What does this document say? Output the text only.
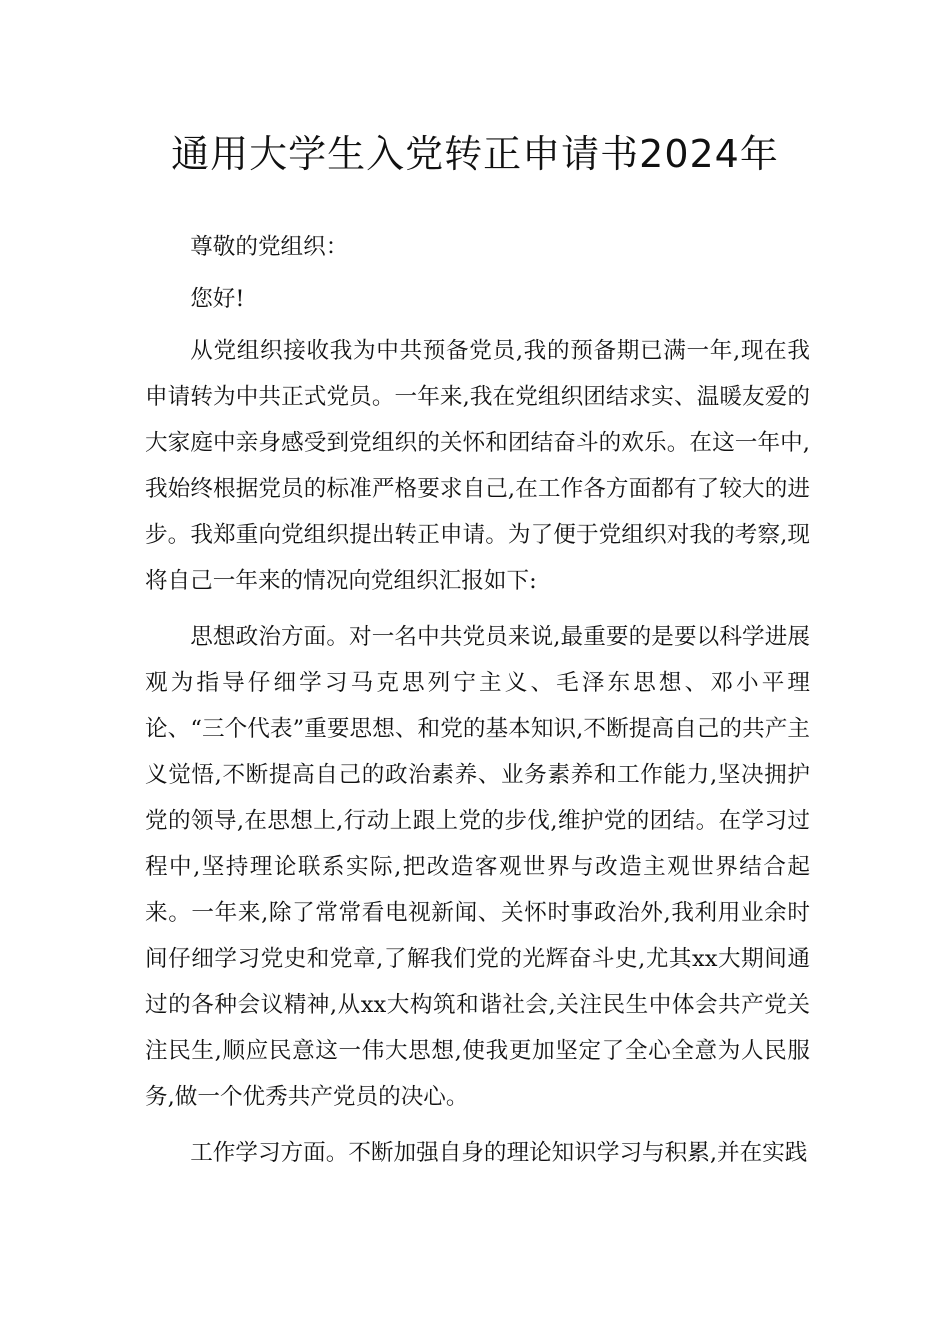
通用大学生入党转正申请书2024年

尊敬的党组织：

您好!

从党组织接收我为中共预备党员,我的预备期已满一年,现在我申请转为中共正式党员。一年来,我在党组织团结求实、温暖友爱的大家庭中亲身感受到党组织的关怀和团结奋斗的欢乐。在这一年中,我始终根据党员的标准严格要求自己,在工作各方面都有了较大的进步。我郑重向党组织提出转正申请。为了便于党组织对我的考察,现将自己一年来的情况向党组织汇报如下:

思想政治方面。对一名中共党员来说,最重要的是要以科学进展观为指导仔细学习马克思列宁主义、毛泽东思想、邓小平理论、“三个代表”重要思想、和党的基本知识,不断提高自己的共产主义觉悟,不断提高自己的政治素养、业务素养和工作能力,坚决拥护党的领导,在思想上,行动上跟上党的步伐,维护党的团结。在学习过程中,坚持理论联系实际,把改造客观世界与改造主观世界结合起来。一年来,除了常常看电视新闻、关怀时事政治外,我利用业余时间仔细学习党史和党章,了解我们党的光辉奋斗史,尤其xx大期间通过的各种会议精神,从xx大构筑和谐社会,关注民生中体会共产党关注民生,顺应民意这一伟大思想,使我更加坚定了全心全意为人民服务,做一个优秀共产党员的决心。

工作学习方面。不断加强自身的理论知识学习与积累,并在实践
